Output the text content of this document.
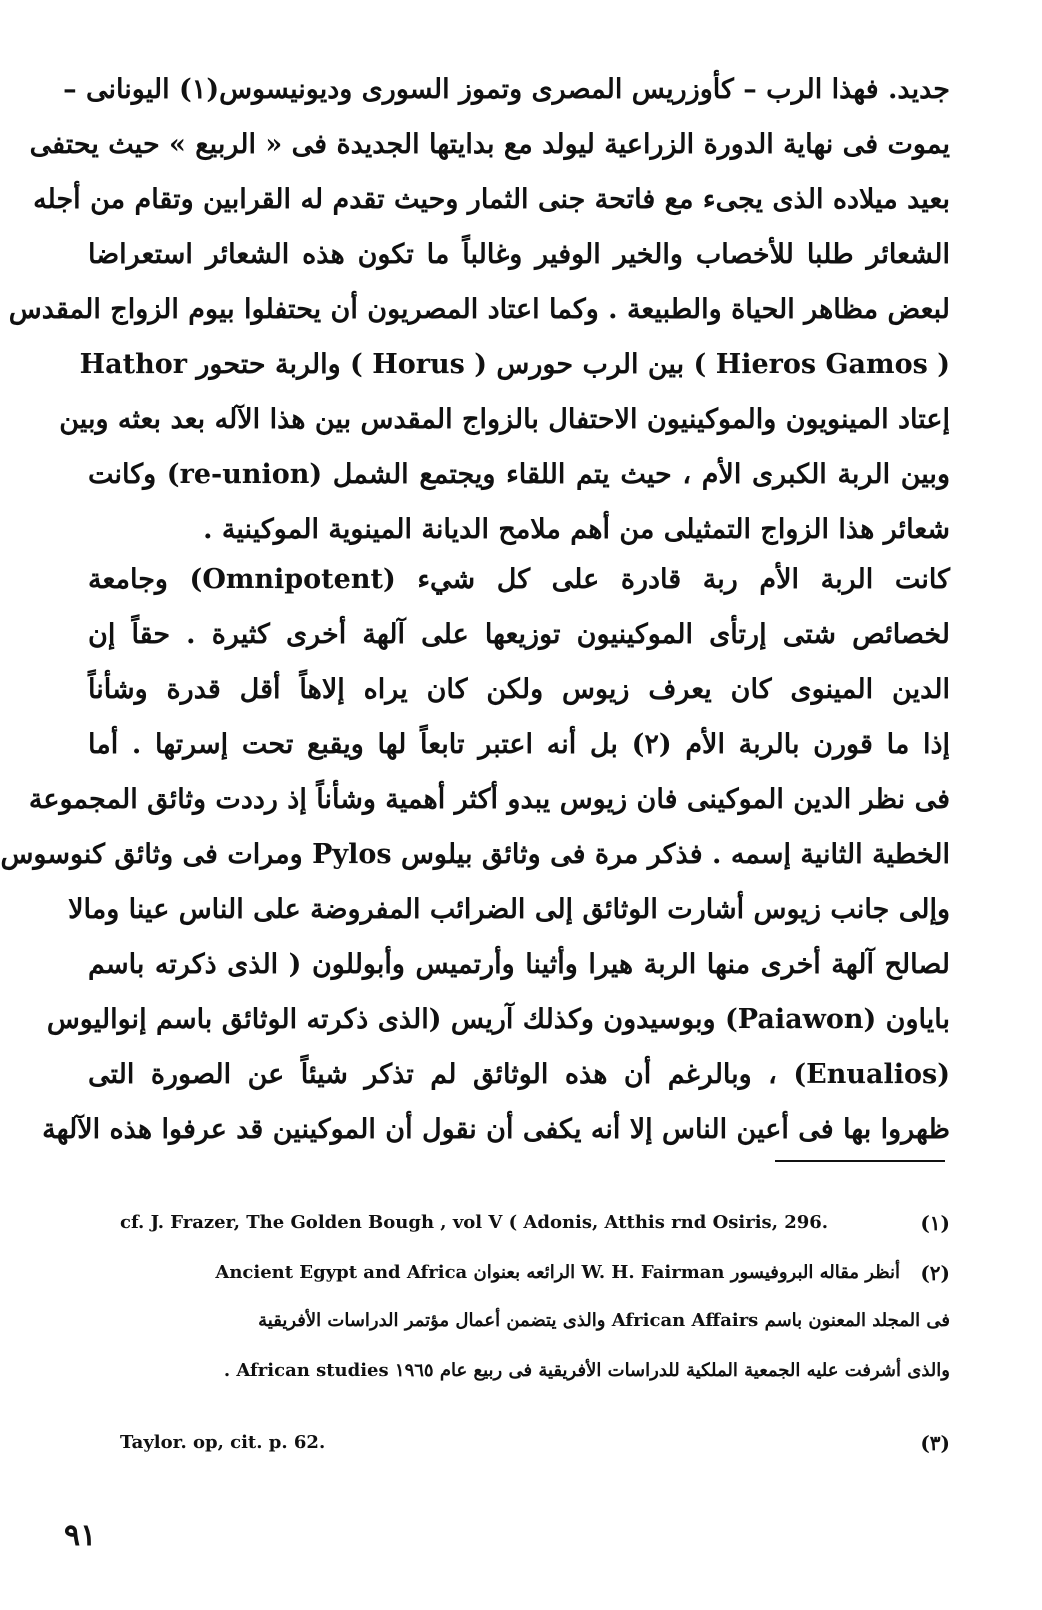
جديد. فهذا الرب – كأوزريس المصرى وتموز السورى وديونيسوس(١) اليونانى –
يموت فى نهاية الدورة الزراعية ليولد مع بدايتها الجديدة فى « الربيع » حيث يحتفى
بعيد ميلاده الذى يجىء مع فاتحة جنى الثمار وحيث تقدم له القرابين وتقام من أجله
الشعائر طلبا للأخصاب والخير الوفير وغالباً ما تكون هذه الشعائر استعراضا
لبعض مظاهر الحياة والطبيعة . وكما اعتاد المصريون أن يحتفلوا بيوم الزواج المقدس
( Hieros Gamos ) بين الرب حورس ( Horus ) والربة حتحور Hathor
إعتاد المينويون والموكينيون الاحتفال بالزواج المقدس بين هذا الآله بعد بعثه وبين
وبين الربة الكبرى الأم ، حيث يتم اللقاء ويجتمع الشمل (re-union) وكانت
شعائر هذا الزواج التمثيلى من أهم ملامح الديانة المينوية الموكينية .
كانت الربة الأم ربة قادرة على كل شيء (Omnipotent) وجامعة
لخصائص شتى إرتأى الموكينيون توزيعها على آلهة أخرى كثيرة . حقاً إن
الدين المينوى كان يعرف زيوس ولكن كان يراه إلاهاً أقل قدرة وشأناً
إذا ما قورن بالربة الأم (٢) بل أنه اعتبر تابعاً لها ويقبع تحت إسرتها . أما
فى نظر الدين الموكينى فان زيوس يبدو أكثر أهمية وشأناً إذ رددت وثائق المجموعة
الخطية الثانية إسمه . فذكر مرة فى وثائق بيلوس Pylos ومرات فى وثائق كنوسوس
وإلى جانب زيوس أشارت الوثائق إلى الضرائب المفروضة على الناس عينا ومالا
لصالح آلهة أخرى منها الربة هيرا وأثينا وأرتميس وأبوللون ( الذى ذكرته باسم
باياون (Paiawon) وبوسيدون وكذلك آريس (الذى ذكرته الوثائق باسم إنواليوس
(Enualios) ، وبالرغم أن هذه الوثائق لم تذكر شيئاً عن الصورة التى
ظهروا بها فى أعين الناس إلا أنه يكفى أن نقول أن الموكينين قد عرفوا هذه الآلهة
(١)
cf. J. Frazer, The Golden Bough , vol V ( Adonis, Atthis rnd Osiris, 296.
(٢)
أنظر مقاله البروفيسور W. H. Fairman الرائعه بعنوان Ancient Egypt and Africa
فى المجلد المعنون باسم African Affairs والذى يتضمن أعمال مؤتمر الدراسات الأفريقية
والذى أشرفت عليه الجمعية الملكية للدراسات الأفريقية فى ربيع عام ١٩٦٥ African studies .
(٣)
Taylor. op, cit. p. 62.
٩١
